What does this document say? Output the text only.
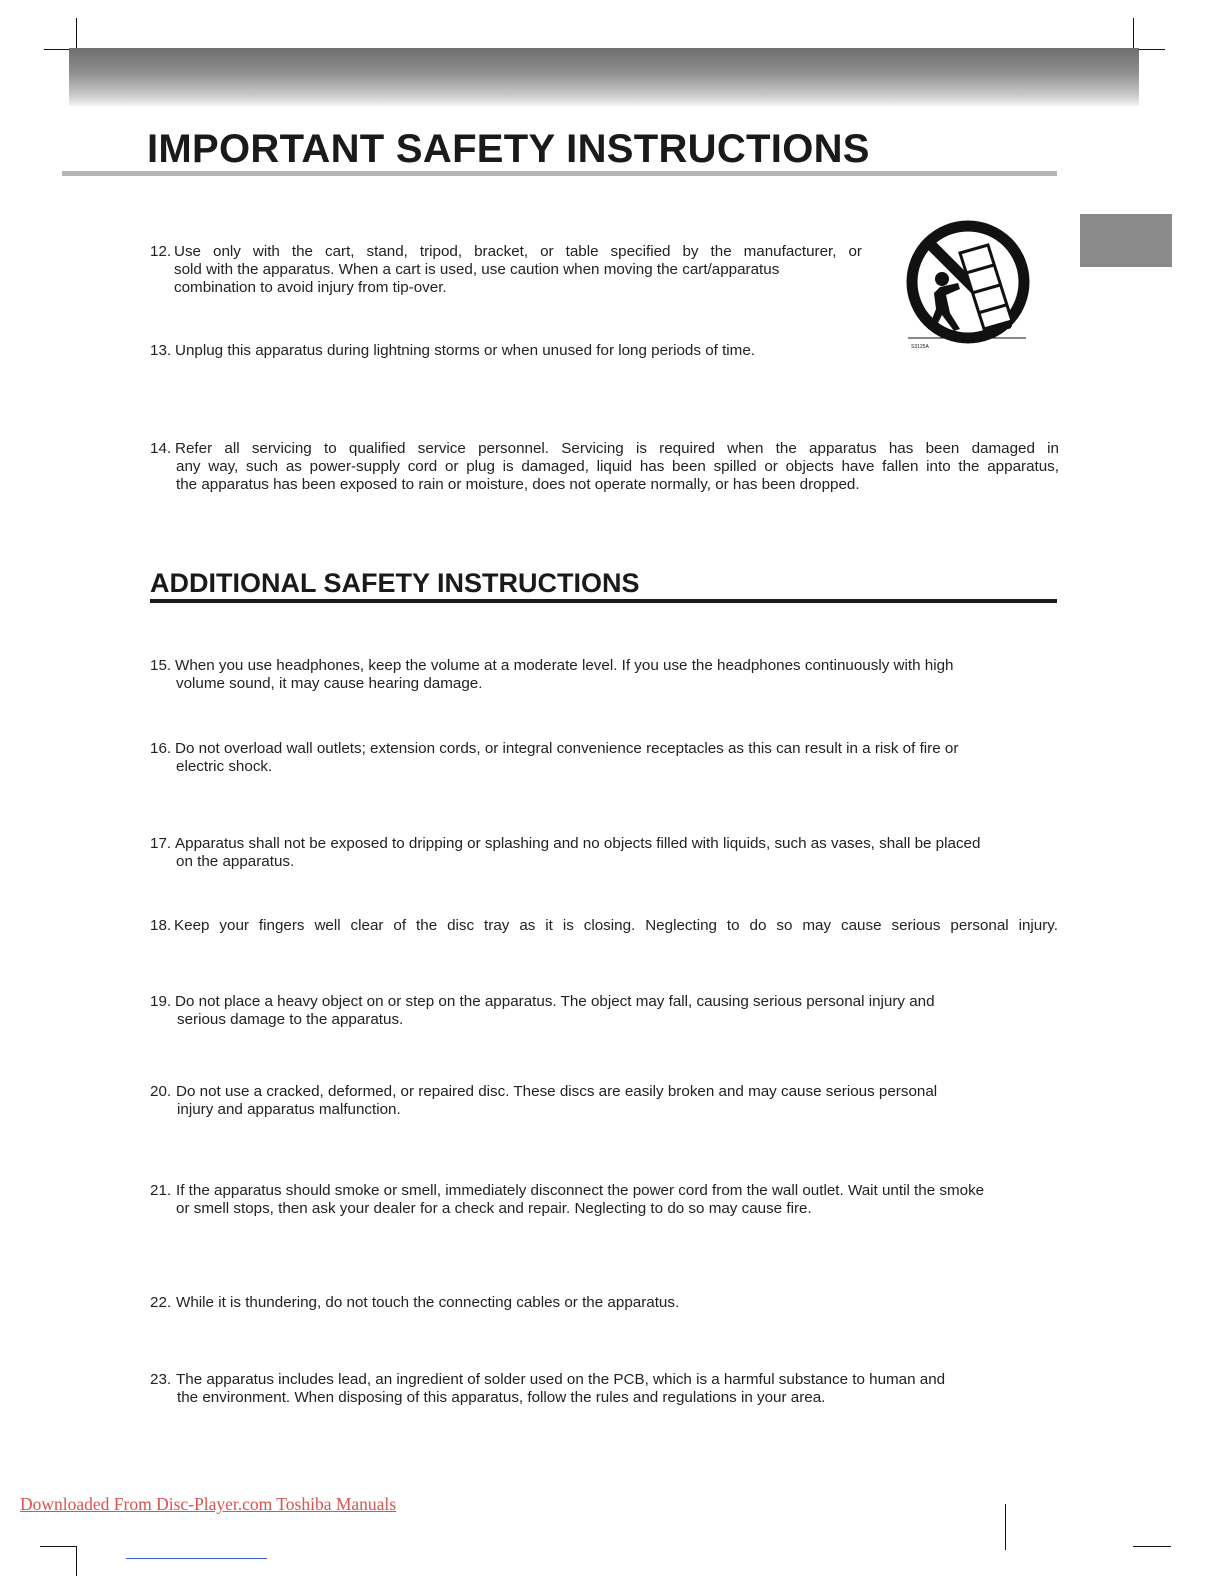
IMPORTANT SAFETY INSTRUCTIONS
12. Use only with the cart, stand, tripod, bracket, or table specified by the manufacturer, or
sold with the apparatus. When a cart is used, use caution when moving the cart/apparatus
combination to avoid injury from tip-over.
13. Unplug this apparatus during lightning storms or when unused for long periods of time.
14. Refer all servicing to qualified service personnel. Servicing is required when the apparatus has been damaged in
any way, such as power-supply cord or plug is damaged, liquid has been spilled or objects have fallen into the apparatus,
the apparatus has been exposed to rain or moisture, does not operate normally, or has been dropped.
S3125A
ADDITIONAL SAFETY INSTRUCTIONS
15. When you use headphones, keep the volume at a moderate level. If you use the headphones continuously with high
volume sound, it may cause hearing damage.
16. Do not overload wall outlets; extension cords, or integral convenience receptacles as this can result in a risk of fire or
electric shock.
17. Apparatus shall not be exposed to dripping or splashing and no objects filled with liquids, such as vases, shall be placed
on the apparatus.
18. Keep your fingers well clear of the disc tray as it is closing. Neglecting to do so may cause serious personal injury.
19. Do not place a heavy object on or step on the apparatus. The object may fall, causing serious personal injury and
serious damage to the apparatus.
20. Do not use a cracked, deformed, or repaired disc. These discs are easily broken and may cause serious personal
injury and apparatus malfunction.
21. If the apparatus should smoke or smell, immediately disconnect the power cord from the wall outlet. Wait until the smoke
or smell stops, then ask your dealer for a check and repair. Neglecting to do so may cause fire.
22. While it is thundering, do not touch the connecting cables or the apparatus.
23. The apparatus includes lead, an ingredient of solder used on the PCB, which is a harmful substance to human and
the environment. When disposing of this apparatus, follow the rules and regulations in your area.
Downloaded From Disc-Player.com Toshiba Manuals
